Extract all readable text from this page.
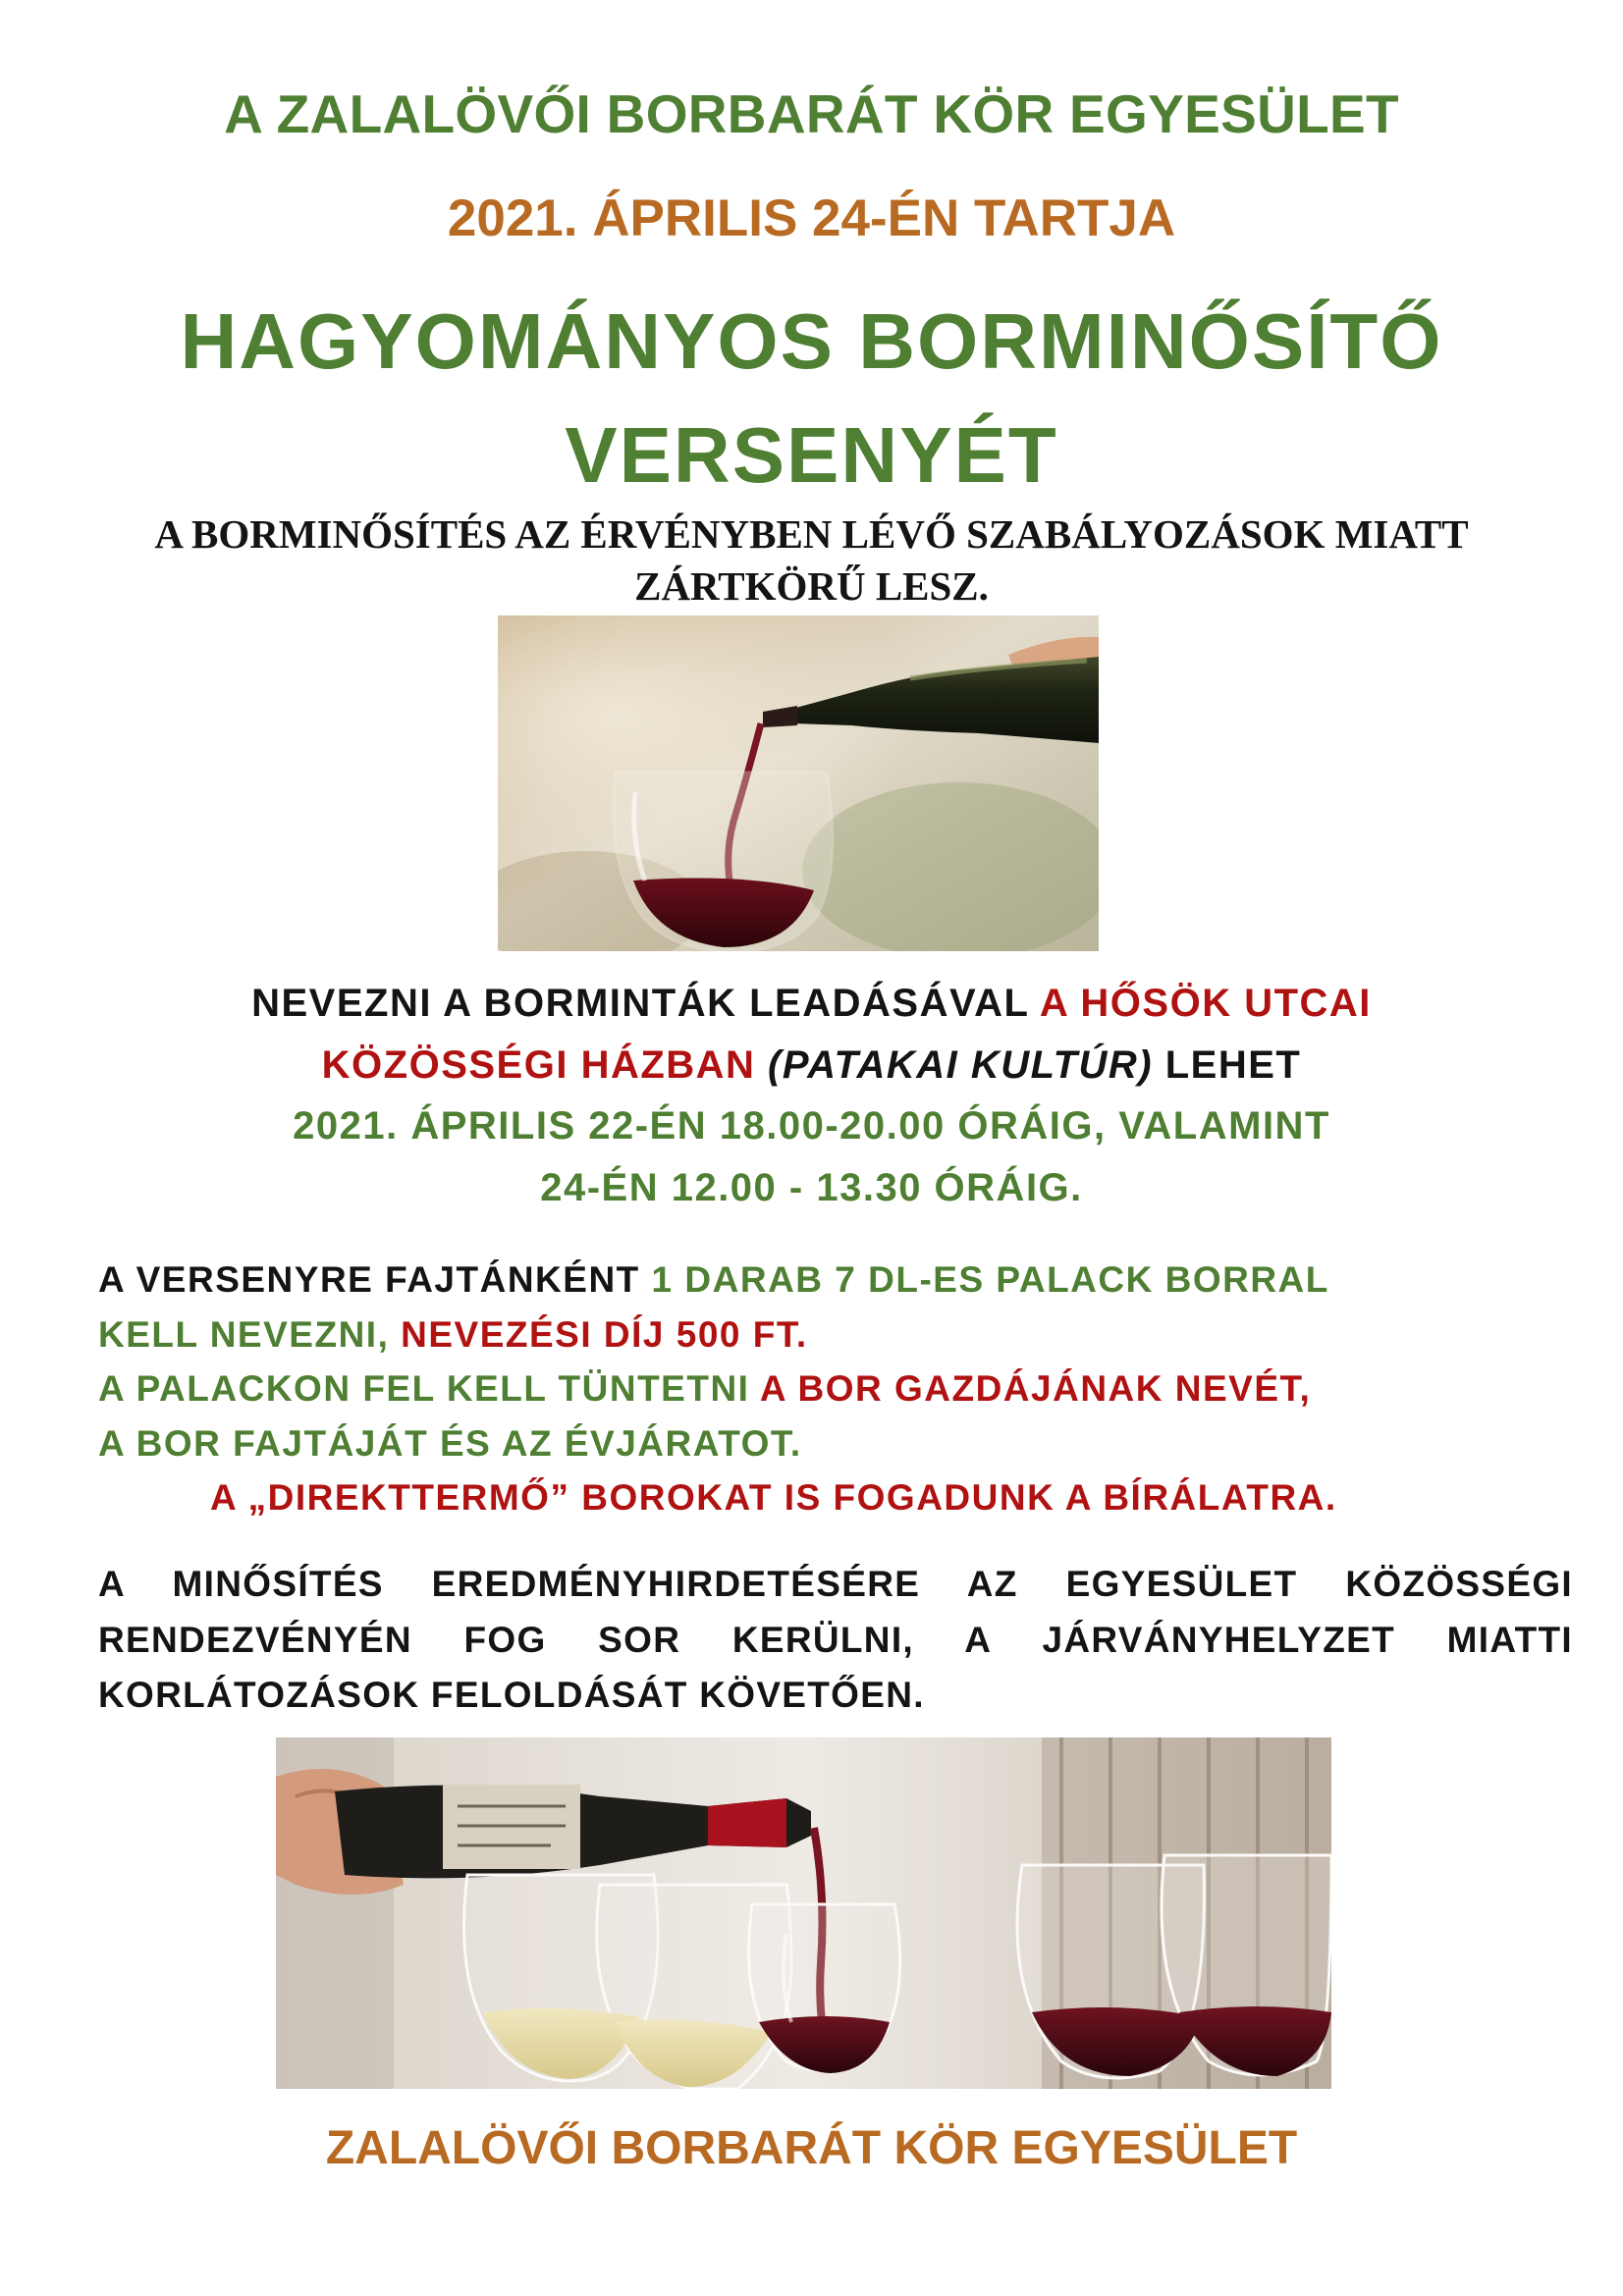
A ZALALÖVŐI BORBARÁT KÖR EGYESÜLET
2021. ÁPRILIS 24-ÉN TARTJA
HAGYOMÁNYOS BORMINŐSÍTŐ
VERSENYÉT
A BORMINŐSÍTÉS AZ ÉRVÉNYBEN LÉVŐ SZABÁLYOZÁSOK MIATT
ZÁRTKÖRŰ LESZ.
NEVEZNI A BORMINTÁK LEADÁSÁVAL A HŐSÖK UTCAI
KÖZÖSSÉGI HÁZBAN (PATAKAI KULTÚR) LEHET
2021. ÁPRILIS 22-ÉN 18.00-20.00 ÓRÁIG, VALAMINT
24-ÉN 12.00 - 13.30 ÓRÁIG.
A VERSENYRE FAJTÁNKÉNT 1 DARAB 7 DL-ES PALACK BORRAL
KELL NEVEZNI, NEVEZÉSI DÍJ 500 FT.
A PALACKON FEL KELL TÜNTETNI A BOR GAZDÁJÁNAK NEVÉT,
A BOR FAJTÁJÁT ÉS AZ ÉVJÁRATOT.
A „DIREKTTERMŐ” BOROKAT IS FOGADUNK A BÍRÁLATRA.
A MINŐSÍTÉS EREDMÉNYHIRDETÉSÉRE AZ EGYESÜLET KÖZÖSSÉGI
RENDEZVÉNYÉN FOG SOR KERÜLNI, A JÁRVÁNYHELYZET MIATTI
KORLÁTOZÁSOK FELOLDÁSÁT KÖVETŐEN.
ZALALÖVŐI BORBARÁT KÖR EGYESÜLET
